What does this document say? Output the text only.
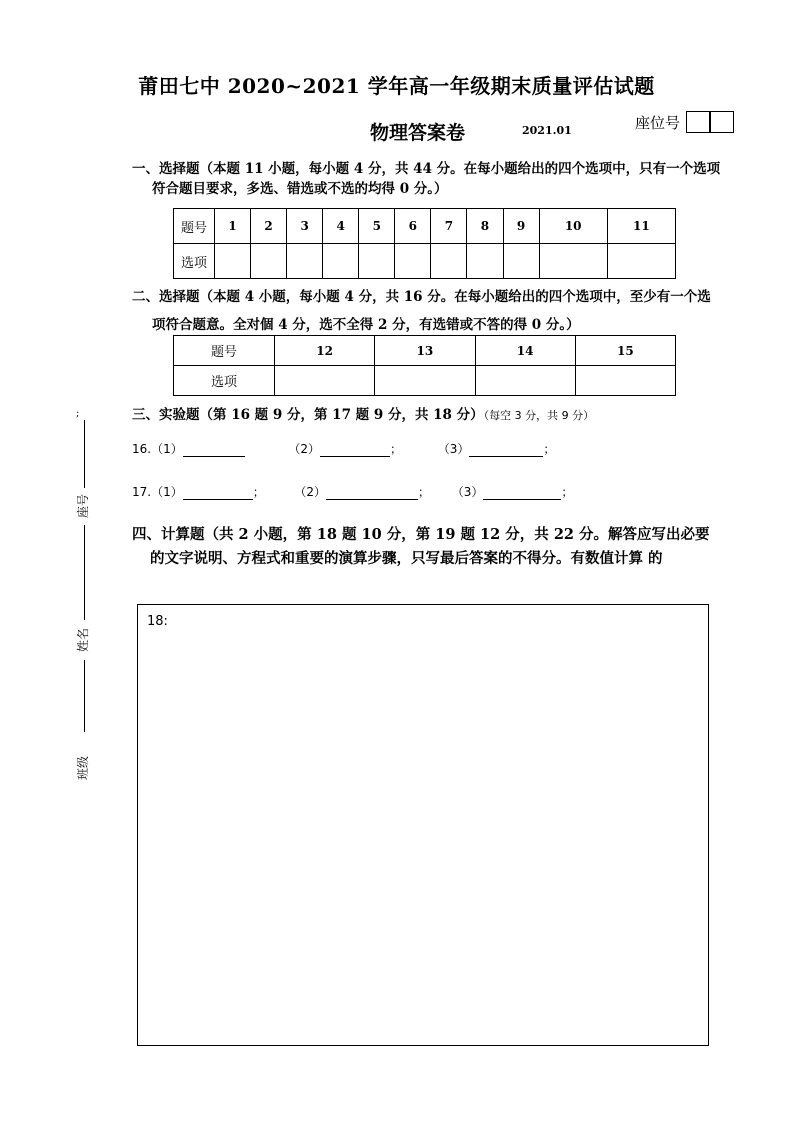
莆田七中 2020~2021 学年高一年级期末质量评估试题
物理答案卷	2021.01	座位号
一、选择题（本题 11 小题，每小题 4 分，共 44 分。在每小题给出的四个选项中，只有一个选项
符合题目要求，多选、错选或不选的均得 0 分。）
题号	1	2	3	4	5	6	7	8	9	10	11
选项											
二、选择题（本题 4 小题，每小题 4 分，共 16 分。在每小题给出的四个选项中，至少有一个选
项符合题意。全对個 4 分，选不全得 2 分，有选错或不答的得 0 分。）
题号	12	13	14	15
选项				
三、实验题（第 16 题 9 分，第 17 题 9 分，共 18 分）（每空 3 分，共 9 分）
16.（1）	（2）	；	（3）	；
17.（1）	； （2）	； （3）	；
四、计算题（共 2 小题，第 18 题 10 分，第 19 题 12 分，共 22 分。解答应写出必要
的文字说明、方程式和重要的演算步骤，只写最后答案的不得分。有数值计算 的
18:
;
座号
姓名
班级
